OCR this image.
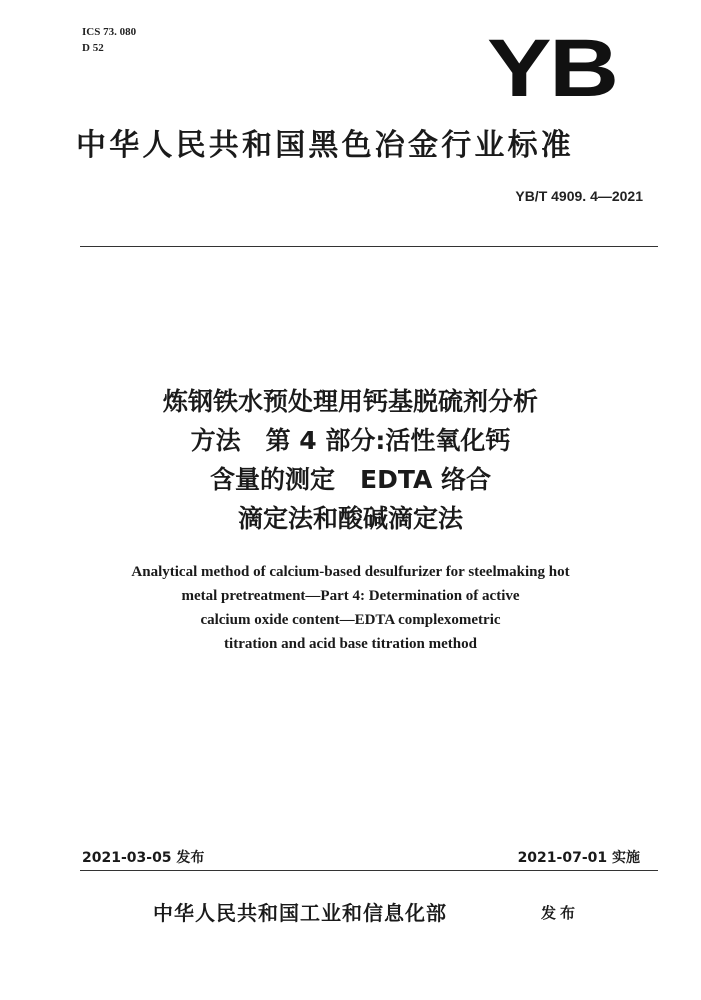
ICS 73. 080
D 52	YB
中华人民共和国黑色冶金行业标准
YB/T 4909. 4—2021
炼钢铁水预处理用钙基脱硫剂分析
方法　第 4 部分:活性氧化钙
含量的测定　EDTA 络合
滴定法和酸碱滴定法
Analytical method of calcium-based desulfurizer for steelmaking hot
metal pretreatment—Part 4: Determination of active
calcium oxide content—EDTA complexometric
titration and acid base titration method
2021-03-05 发布	2021-07-01 实施
中华人民共和国工业和信息化部	发布
